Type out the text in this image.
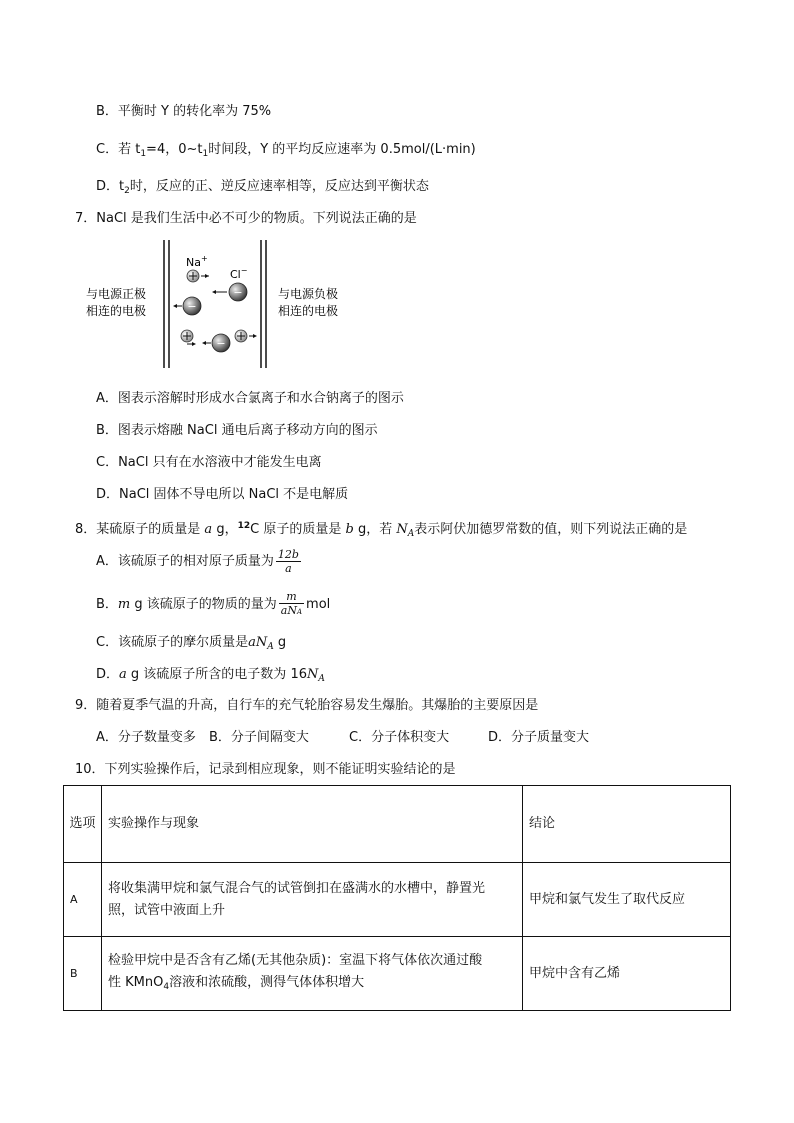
B．平衡时 Y 的转化率为 75%
C．若 $t_1=4$，$0\sim t_1$时间段，Y 的平均反应速率为 0.5mol/(L·min)
D．$t_2$时，反应的正、逆反应速率相等，反应达到平衡状态
7．NaCl 是我们生活中必不可少的物质。下列说法正确的是
与电源正极
相连的电极
与电源负极
相连的电极
Na+
Cl−
−
−
−
A．图表示溶解时形成水合氯离子和水合钠离子的图示
B．图表示熔融 NaCl 通电后离子移动方向的图示
C．NaCl 只有在水溶液中才能发生电离
D．NaCl 固体不导电所以 NaCl 不是电解质
8．某硫原子的质量是 a g，$^{12}$C 原子的质量是 b g，若 $N_A$表示阿伏加德罗常数的值，则下列说法正确的是
A．该硫原子的相对原子质量为 $\frac{12b}{a}$
B．m g 该硫原子的物质的量为 $\frac{m}{\text{aNA}}$ mol
C．该硫原子的摩尔质量是$aN_A$ g
D．a g 该硫原子所含的电子数为 $16N_A$
9．随着夏季气温的升高，自行车的充气轮胎容易发生爆胎。其爆胎的主要原因是
A．分子数量变多 B．分子间隔变大	C．分子体积变大	D．分子质量变大
10．下列实验操作后，记录到相应现象，则不能证明实验结论的是
选项	实验操作与现象	结论
A	将收集满甲烷和氯气混合气的试管倒扣在盛满水的水槽中，静置光
照，试管中液面上升	甲烷和氯气发生了取代反应
B	检验甲烷中是否含有乙烯(无其他杂质)：室温下将气体依次通过酸
性 KMnO$_4$溶液和浓硫酸，测得气体体积增大	甲烷中含有乙烯
